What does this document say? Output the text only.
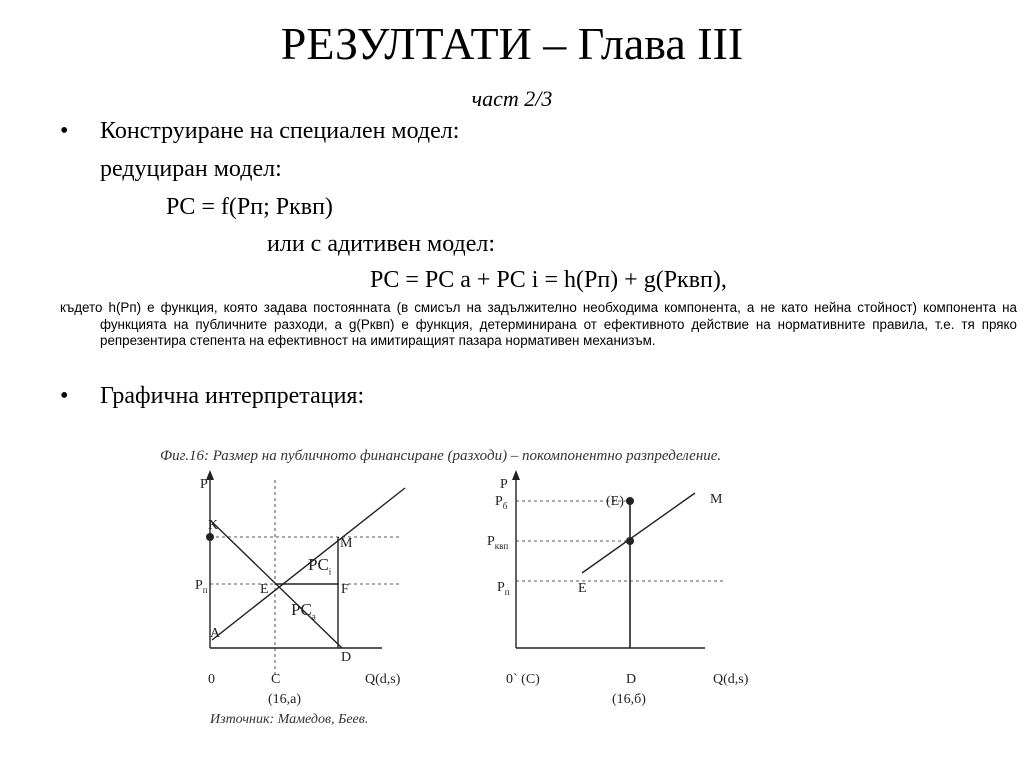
РЕЗУЛТАТИ – Глава III
част 2/3
• Конструиране на специален модел:
редуциран модел:
PC = f(Pп; Pквп)
или с адитивен модел:
PC = PC a + PC i = h(Pп) + g(Pквп),
където h(Pп) е функция, която задава постоянната (в смисъл на задължително необходима компонента, а не като нейна стойност) компонента на функцията на публичните разходи, а g(Pквп) е функция, детерминирана от ефективното действие на нормативните правила, т.е. тя пряко репрезентира степента на ефективност на имитиращият пазара нормативен механизъм.
• Графична интерпретация:
Фиг.16: Размер на публичното финансиране (разходи) – покомпонентно разпределение.
Източник: Мамедов, Беев.
P
K
M
$PC_i$
$P_п$	E	F
$PC_a$
A
D
0	C	Q(d,s)
(16,а)
P
$P_б$	(E)	M
$P_{квп}$
$P_п$	E
0` (C)	D	Q(d,s)
(16,б)
